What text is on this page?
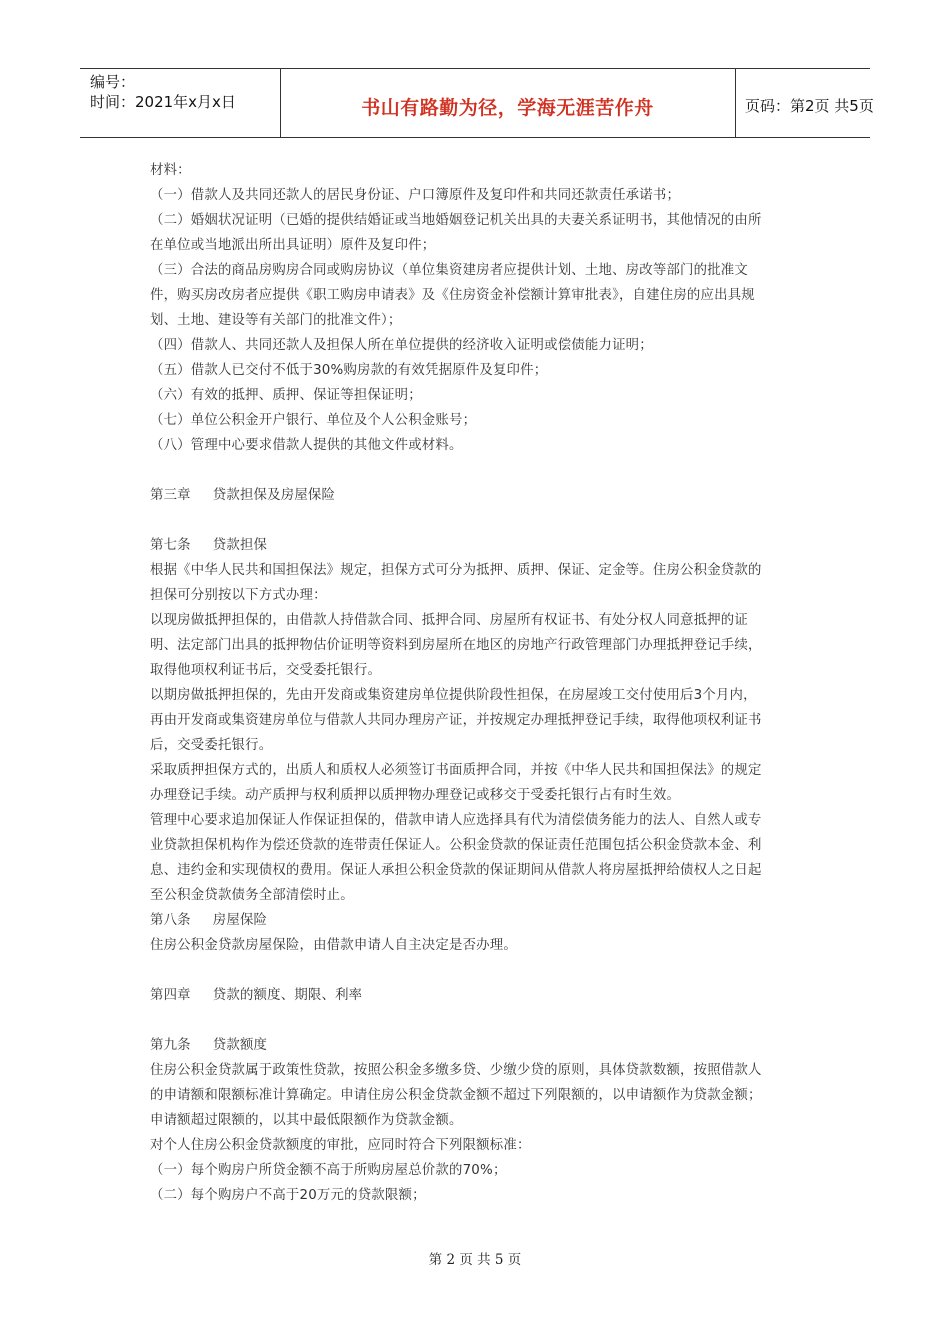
编号：
时间：2021年x月x日	书山有路勤为径，学海无涯苦作舟	页码：第2页 共5页

材料：

（一）借款人及共同还款人的居民身份证、户口簿原件及复印件和共同还款责任承诺书；

（二）婚姻状况证明（已婚的提供结婚证或当地婚姻登记机关出具的夫妻关系证明书，其他情况的由所

在单位或当地派出所出具证明）原件及复印件；

（三）合法的商品房购房合同或购房协议（单位集资建房者应提供计划、土地、房改等部门的批准文

件，购买房改房者应提供《职工购房申请表》及《住房资金补偿额计算审批表》，自建住房的应出具规

划、土地、建设等有关部门的批准文件）；

（四）借款人、共同还款人及担保人所在单位提供的经济收入证明或偿债能力证明；

（五）借款人已交付不低于30%购房款的有效凭据原件及复印件；

（六）有效的抵押、质押、保证等担保证明；

（七）单位公积金开户银行、单位及个人公积金账号；

（八）管理中心要求借款人提供的其他文件或材料。

第三章 贷款担保及房屋保险

第七条 贷款担保

根据《中华人民共和国担保法》规定，担保方式可分为抵押、质押、保证、定金等。住房公积金贷款的

担保可分别按以下方式办理：

以现房做抵押担保的，由借款人持借款合同、抵押合同、房屋所有权证书、有处分权人同意抵押的证

明、法定部门出具的抵押物估价证明等资料到房屋所在地区的房地产行政管理部门办理抵押登记手续，

取得他项权利证书后，交受委托银行。

以期房做抵押担保的，先由开发商或集资建房单位提供阶段性担保，在房屋竣工交付使用后3个月内，

再由开发商或集资建房单位与借款人共同办理房产证，并按规定办理抵押登记手续，取得他项权利证书

后，交受委托银行。

采取质押担保方式的，出质人和质权人必须签订书面质押合同，并按《中华人民共和国担保法》的规定

办理登记手续。动产质押与权利质押以质押物办理登记或移交于受委托银行占有时生效。

管理中心要求追加保证人作保证担保的，借款申请人应选择具有代为清偿债务能力的法人、自然人或专

业贷款担保机构作为偿还贷款的连带责任保证人。公积金贷款的保证责任范围包括公积金贷款本金、利

息、违约金和实现债权的费用。保证人承担公积金贷款的保证期间从借款人将房屋抵押给债权人之日起

至公积金贷款债务全部清偿时止。

第八条 房屋保险

住房公积金贷款房屋保险，由借款申请人自主决定是否办理。

第四章 贷款的额度、期限、利率

第九条 贷款额度

住房公积金贷款属于政策性贷款，按照公积金多缴多贷、少缴少贷的原则，具体贷款数额，按照借款人

的申请额和限额标准计算确定。申请住房公积金贷款金额不超过下列限额的，以申请额作为贷款金额；

申请额超过限额的，以其中最低限额作为贷款金额。

对个人住房公积金贷款额度的审批，应同时符合下列限额标准：

（一）每个购房户所贷金额不高于所购房屋总价款的70%；

（二）每个购房户不高于20万元的贷款限额；

第 2 页 共 5 页
